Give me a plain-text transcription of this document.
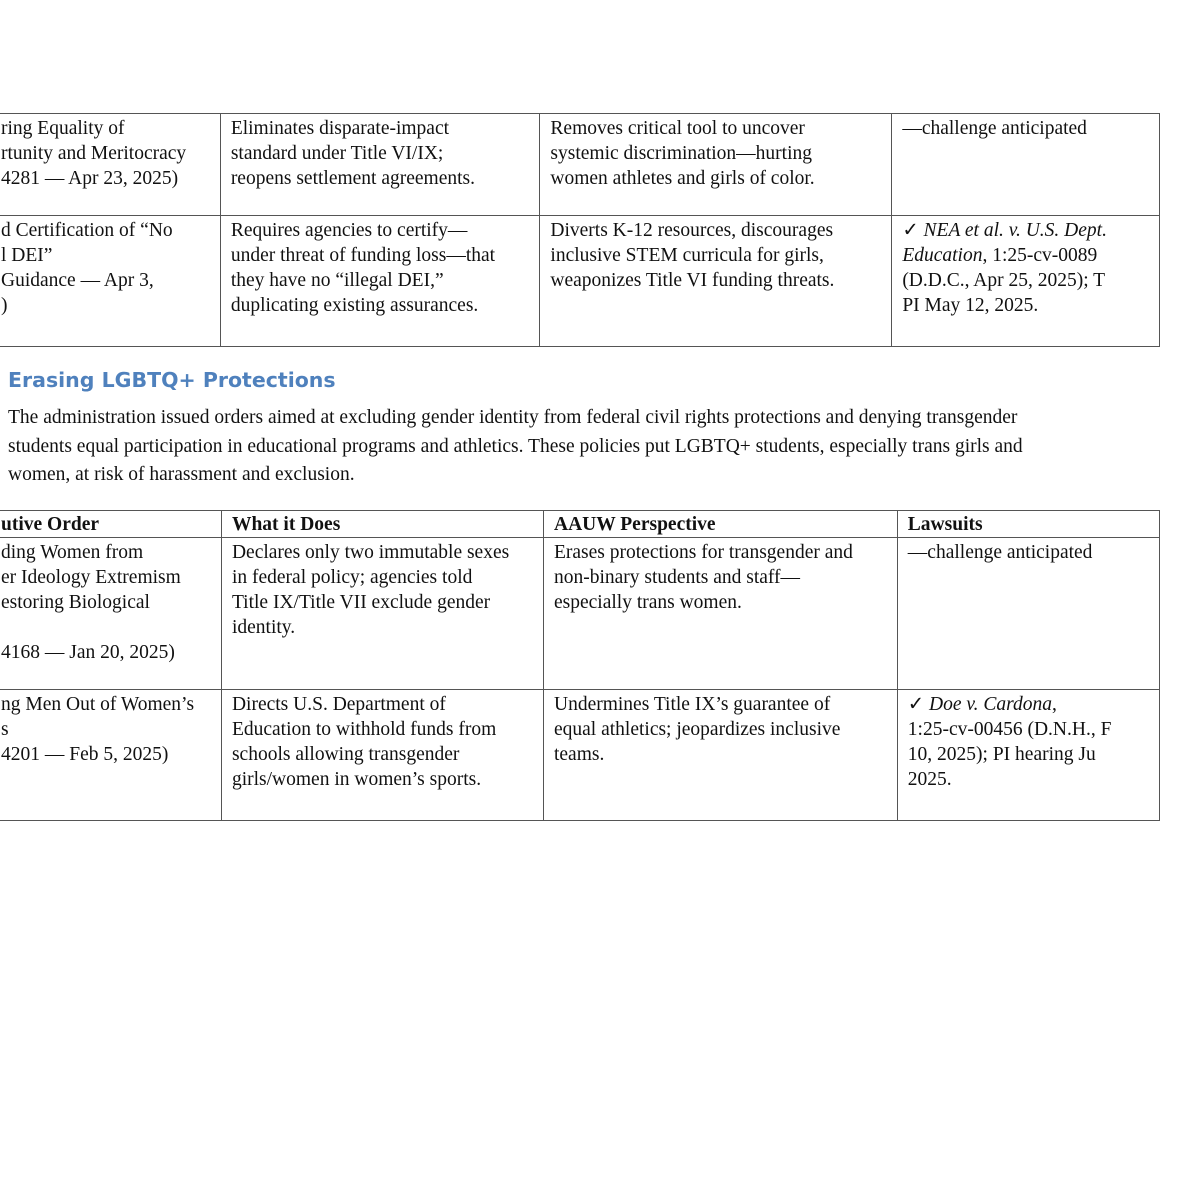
ring Equality of
rtunity and Meritocracy
4281 — Apr 23, 2025)	Eliminates disparate-impact
standard under Title VI/IX;
reopens settlement agreements.	Removes critical tool to uncover
systemic discrimination—hurting
women athletes and girls of color.	—challenge anticipated

d Certification of “No
l DEI”
Guidance — Apr 3,
)	Requires agencies to certify—
under threat of funding loss—that
they have no “illegal DEI,”
duplicating existing assurances.	Diverts K-12 resources, discourages
inclusive STEM curricula for girls,
weaponizes Title VI funding threats.	✓ NEA et al. v. U.S. Dept.
Education, 1:25-cv-0089
(D.D.C., Apr 25, 2025); T
PI May 12, 2025.
Erasing LGBTQ+ Protections

The administration issued orders aimed at excluding gender identity from federal civil rights protections and denying transgender
students equal participation in educational programs and athletics. These policies put LGBTQ+ students, especially trans girls and
women, at risk of harassment and exclusion.

utive Order	What it Does	AAUW Perspective	Lawsuits

ding Women from
er Ideology Extremism
estoring Biological
4168 — Jan 20, 2025)	Declares only two immutable sexes
in federal policy; agencies told
Title IX/Title VII exclude gender
identity.	Erases protections for transgender and
non-binary students and staff—
especially trans women.	—challenge anticipated

ng Men Out of Women’s
s
4201 — Feb 5, 2025)	Directs U.S. Department of
Education to withhold funds from
schools allowing transgender
girls/women in women’s sports.	Undermines Title IX’s guarantee of
equal athletics; jeopardizes inclusive
teams.	✓ Doe v. Cardona,
1:25-cv-00456 (D.N.H., F
10, 2025); PI hearing Ju
2025.
